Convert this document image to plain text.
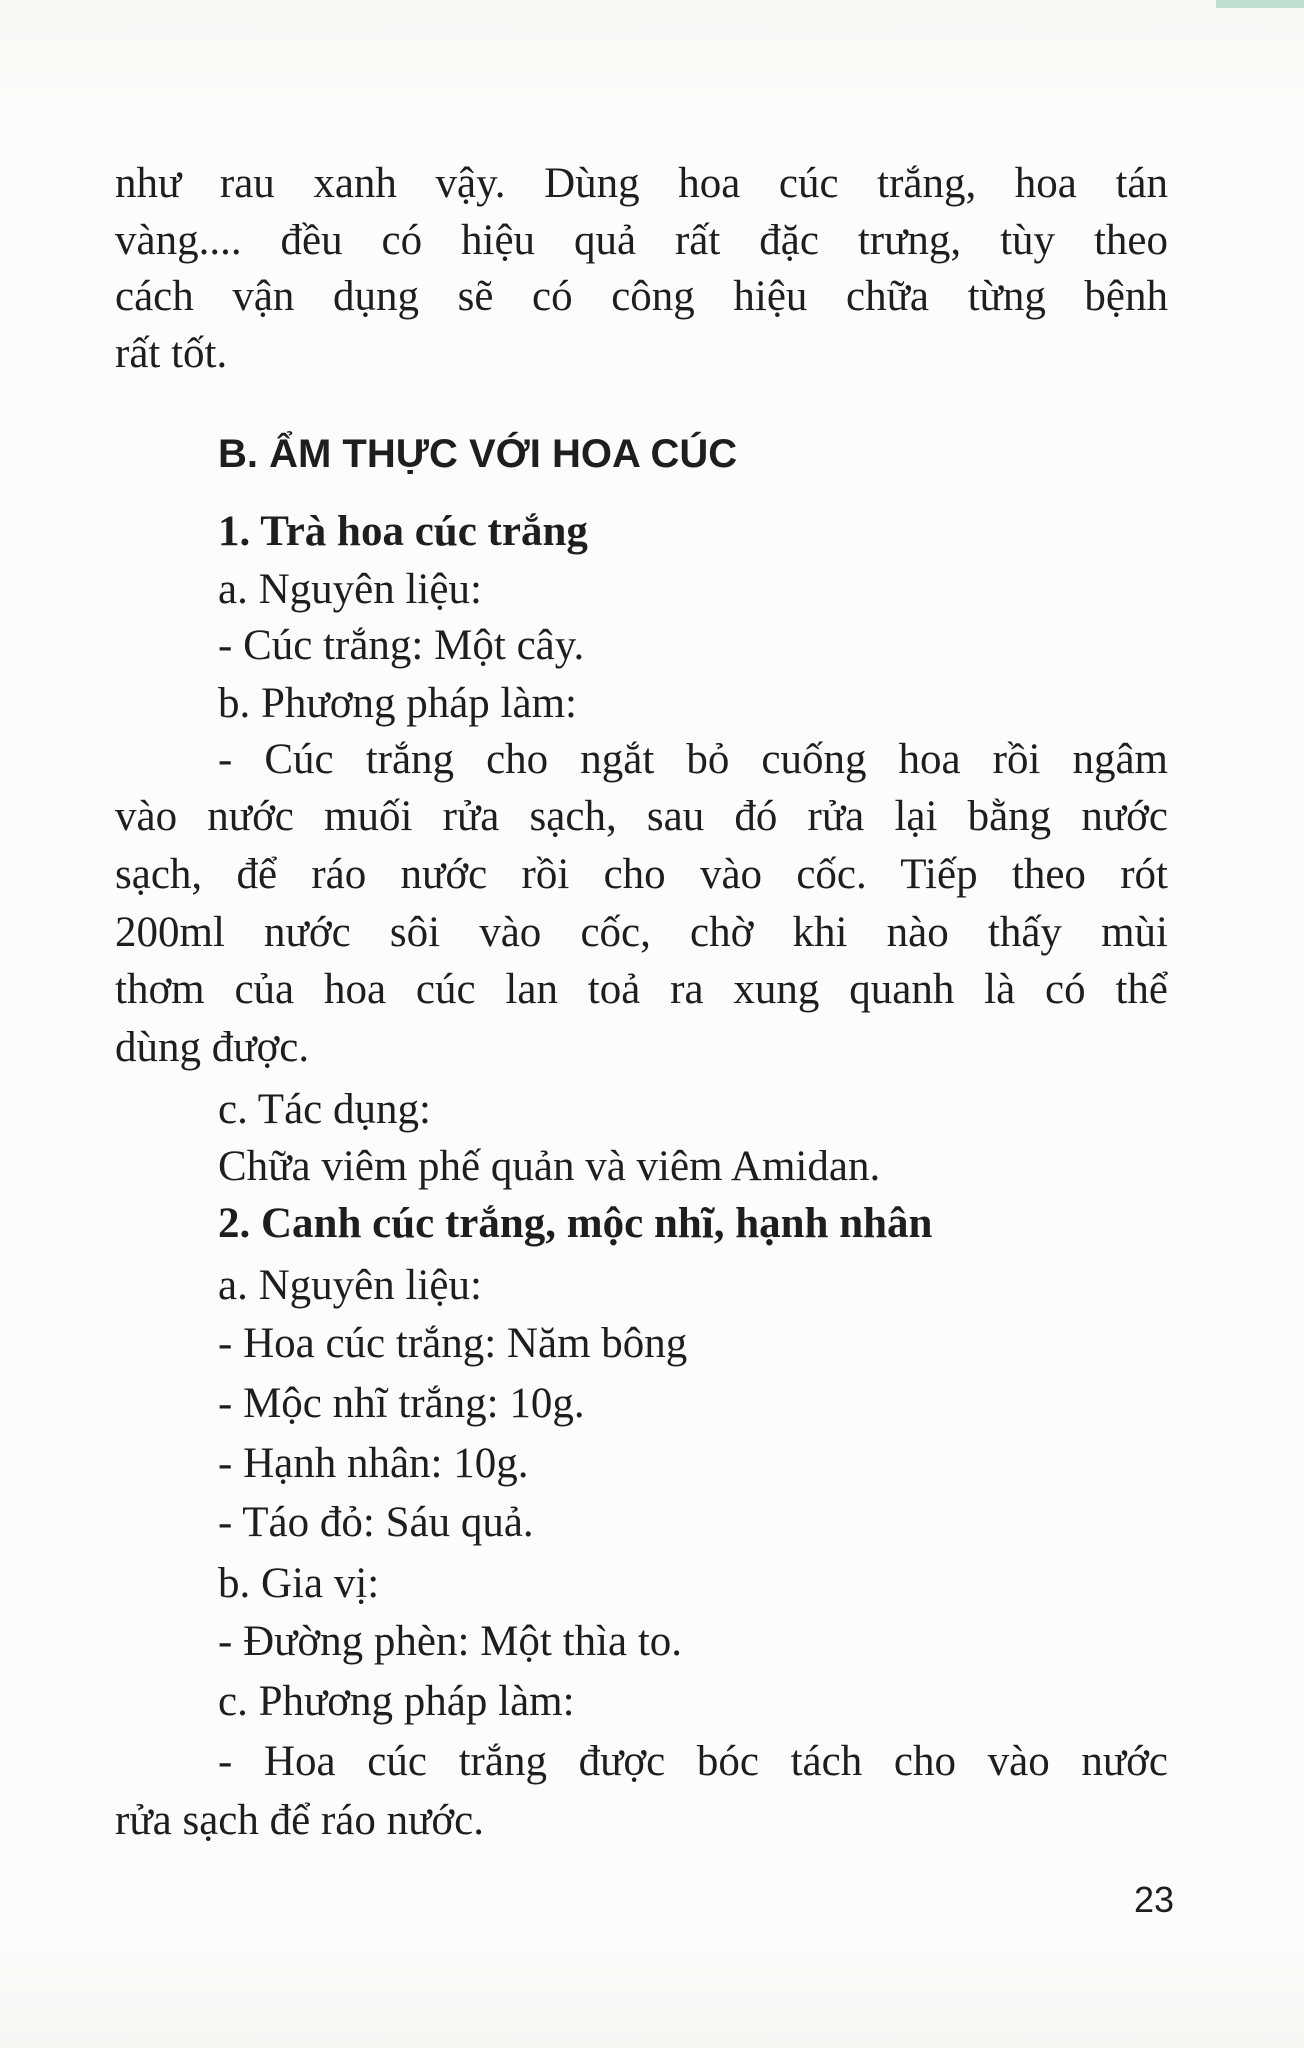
như rau xanh vậy. Dùng hoa cúc trắng, hoa tán
vàng.... đều có hiệu quả rất đặc trưng, tùy theo
cách vận dụng sẽ có công hiệu chữa từng bệnh
rất tốt.
B. ẨM THỰC VỚI HOA CÚC
1. Trà hoa cúc trắng
a. Nguyên liệu:
- Cúc trắng: Một cây.
b. Phương pháp làm:
- Cúc trắng cho ngắt bỏ cuống hoa rồi ngâm
vào nước muối rửa sạch, sau đó rửa lại bằng nước
sạch, để ráo nước rồi cho vào cốc. Tiếp theo rót
200ml nước sôi vào cốc, chờ khi nào thấy mùi
thơm của hoa cúc lan toả ra xung quanh là có thể
dùng được.
c. Tác dụng:
Chữa viêm phế quản và viêm Amidan.
2. Canh cúc trắng, mộc nhĩ, hạnh nhân
a. Nguyên liệu:
- Hoa cúc trắng: Năm bông
- Mộc nhĩ trắng: 10g.
- Hạnh nhân: 10g.
- Táo đỏ: Sáu quả.
b. Gia vị:
- Đường phèn: Một thìa to.
c. Phương pháp làm:
- Hoa cúc trắng được bóc tách cho vào nước
rửa sạch để ráo nước.
23
